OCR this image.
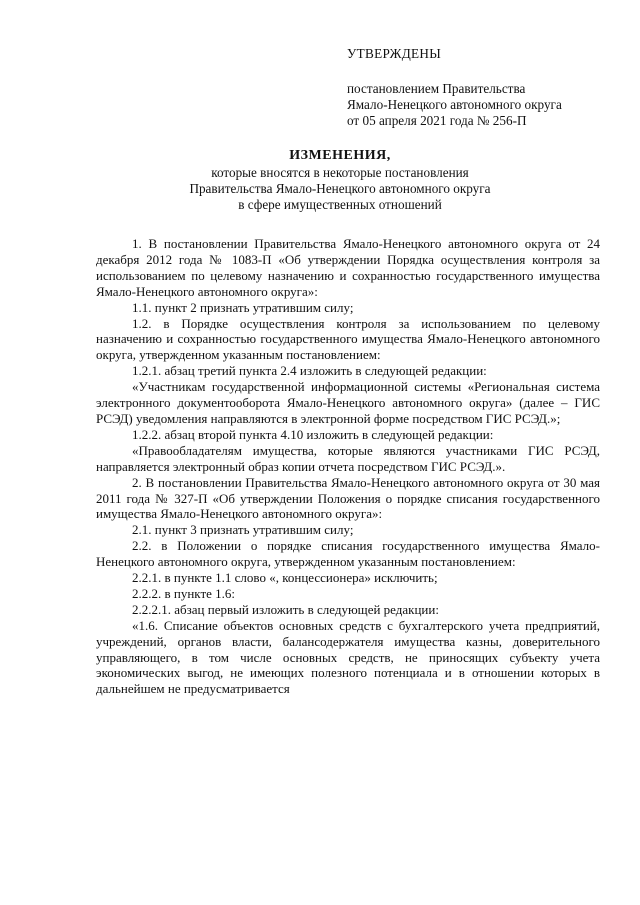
УТВЕРЖДЕНЫ
постановлением Правительства
Ямало-Ненецкого автономного округа
от 05 апреля 2021 года № 256-П
ИЗМЕНЕНИЯ,
которые вносятся в некоторые постановления
Правительства Ямало-Ненецкого автономного округа
в сфере имущественных отношений

1. В постановлении Правительства Ямало-Ненецкого автономного округа от 24 декабря 2012 года № 1083-П «Об утверждении Порядка осуществления контроля за использованием по целевому назначению и сохранностью государственного имущества Ямало-Ненецкого автономного округа»:

1.1. пункт 2 признать утратившим силу;

1.2. в Порядке осуществления контроля за использованием по целевому назначению и сохранностью государственного имущества Ямало-Ненецкого автономного округа, утвержденном указанным постановлением:

1.2.1. абзац третий пункта 2.4 изложить в следующей редакции:

«Участникам государственной информационной системы «Региональная система электронного документооборота Ямало-Ненецкого автономного округа» (далее – ГИС РСЭД) уведомления направляются в электронной форме посредством ГИС РСЭД.»;

1.2.2. абзац второй пункта 4.10 изложить в следующей редакции:

«Правообладателям имущества, которые являются участниками ГИС РСЭД, направляется электронный образ копии отчета посредством ГИС РСЭД.».

2. В постановлении Правительства Ямало-Ненецкого автономного округа от 30 мая 2011 года № 327-П «Об утверждении Положения о порядке списания государственного имущества Ямало-Ненецкого автономного округа»:

2.1. пункт 3 признать утратившим силу;

2.2. в Положении о порядке списания государственного имущества Ямало-Ненецкого автономного округа, утвержденном указанным постановлением:

2.2.1. в пункте 1.1 слово «, концессионера» исключить;

2.2.2. в пункте 1.6:

2.2.2.1. абзац первый изложить в следующей редакции:

«1.6. Списание объектов основных средств с бухгалтерского учета предприятий, учреждений, органов власти, балансодержателя имущества казны, доверительного управляющего, в том числе основных средств, не приносящих субъекту учета экономических выгод, не имеющих полезного потенциала и в отношении которых в дальнейшем не предусматривается
